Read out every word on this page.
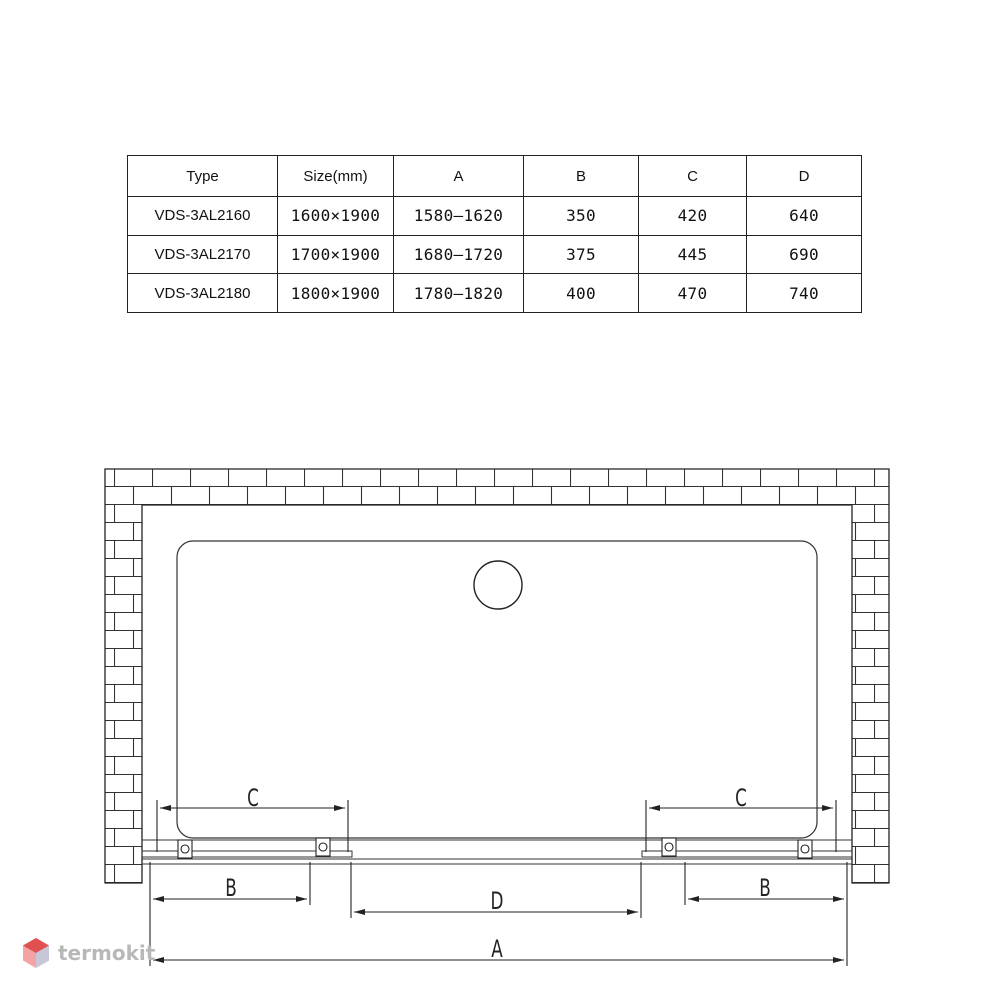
Type	Size(mm)	A	B	C	D
VDS-3AL2160	1600×1900	1580–1620	350	420	640
VDS-3AL2170	1700×1900	1680–1720	375	445	690
VDS-3AL2180	1800×1900	1780–1820	400	470	740
C	C
B	B
D
A
termokit
